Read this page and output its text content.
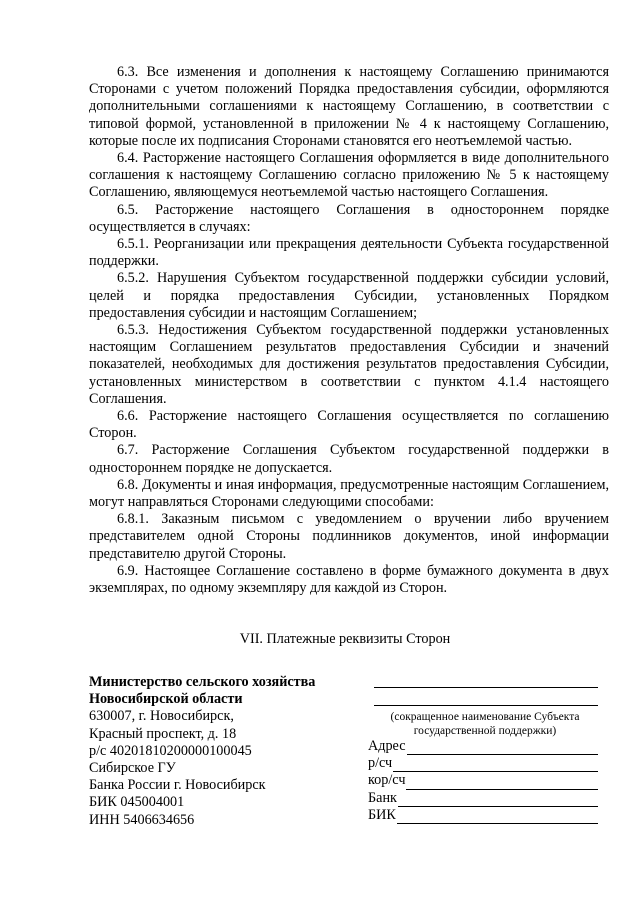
6.3. Все изменения и дополнения к настоящему Соглашению принимаются Сторонами с учетом положений Порядка предоставления субсидии, оформляются дополнительными соглашениями к настоящему Соглашению, в соответствии с типовой формой, установленной в приложении № 4 к настоящему Соглашению, которые после их подписания Сторонами становятся его неотъемлемой частью.

6.4. Расторжение настоящего Соглашения оформляется в виде дополнительного соглашения к настоящему Соглашению согласно приложению № 5 к настоящему Соглашению, являющемуся неотъемлемой частью настоящего Соглашения.

6.5. Расторжение настоящего Соглашения в одностороннем порядке осуществляется в случаях:

6.5.1. Реорганизации или прекращения деятельности Субъекта государственной поддержки.

6.5.2. Нарушения Субъектом государственной поддержки субсидии условий, целей и порядка предоставления Субсидии, установленных Порядком предоставления субсидии и настоящим Соглашением;

6.5.3. Недостижения Субъектом государственной поддержки установленных настоящим Соглашением результатов предоставления Субсидии и значений показателей, необходимых для достижения результатов предоставления Субсидии, установленных министерством в соответствии с пунктом 4.1.4 настоящего Соглашения.

6.6. Расторжение настоящего Соглашения осуществляется по соглашению Сторон.

6.7. Расторжение Соглашения Субъектом государственной поддержки в одностороннем порядке не допускается.

6.8. Документы и иная информация, предусмотренные настоящим Соглашением, могут направляться Сторонами следующими способами:

6.8.1. Заказным письмом с уведомлением о вручении либо вручением представителем одной Стороны подлинников документов, иной информации представителю другой Стороны.

6.9. Настоящее Соглашение составлено в форме бумажного документа в двух экземплярах, по одному экземпляру для каждой из Сторон.

VII. Платежные реквизиты Сторон
Министерство сельского хозяйства
Новосибирской области
630007, г. Новосибирск,
Красный проспект, д. 18
р/с 40201810200000100045
Сибирское ГУ
Банка России г. Новосибирск
БИК 045004001
ИНН 5406634656
(сокращенное наименование Субъекта
государственной поддержки)
Адрес
р/сч
кор/сч
Банк
БИК
